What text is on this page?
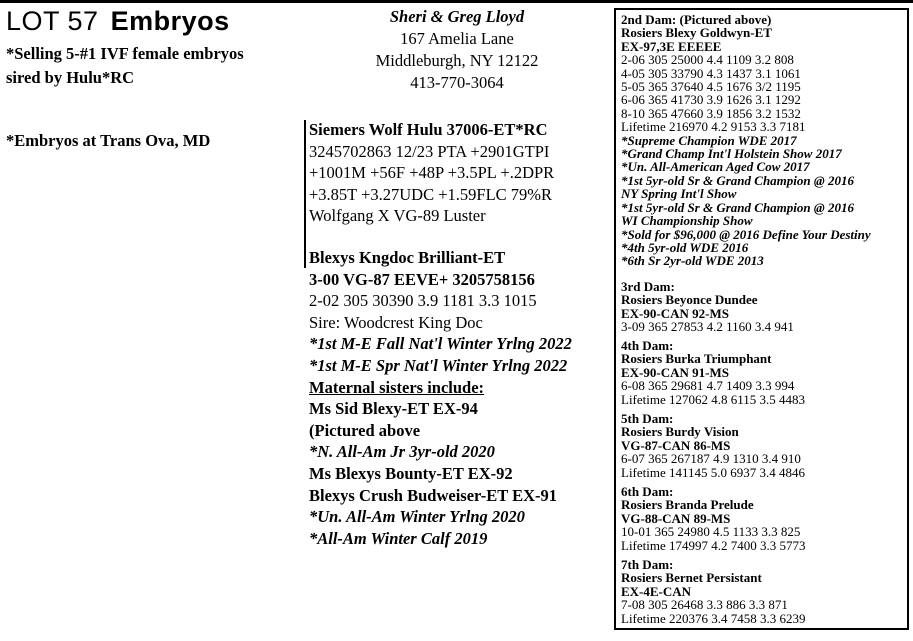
LOT 57 Embryos
*Selling 5-#1 IVF female embryos
sired by Hulu*RC
*Embryos at Trans Ova, MD
Sheri & Greg Lloyd
167 Amelia Lane
Middleburgh, NY 12122
413-770-3064
Siemers Wolf Hulu 37006-ET*RC
3245702863 12/23 PTA +2901GTPI
+1001M +56F +48P +3.5PL +.2DPR
+3.85T +3.27UDC +1.59FLC 79%R
Wolfgang X VG-89 Luster
Blexys Kngdoc Brilliant-ET
3-00 VG-87 EEVE+ 3205758156
2-02 305 30390 3.9 1181 3.3 1015
Sire: Woodcrest King Doc
*1st M-E Fall Nat'l Winter Yrlng 2022
*1st M-E Spr Nat'l Winter Yrlng 2022
Maternal sisters include:
Ms Sid Blexy-ET EX-94
(Pictured above
*N. All-Am Jr 3yr-old 2020
Ms Blexys Bounty-ET EX-92
Blexys Crush Budweiser-ET EX-91
*Un. All-Am Winter Yrlng 2020
*All-Am Winter Calf 2019
2nd Dam: (Pictured above)
Rosiers Blexy Goldwyn-ET
EX-97,3E EEEEE
2-06 305 25000 4.4 1109 3.2 808
4-05 305 33790 4.3 1437 3.1 1061
5-05 365 37640 4.5 1676 3/2 1195
6-06 365 41730 3.9 1626 3.1 1292
8-10 365 47660 3.9 1856 3.2 1532
Lifetime 216970 4.2 9153 3.3 7181
*Supreme Champion WDE 2017
*Grand Champ Int'l Holstein Show 2017
*Un. All-American Aged Cow 2017
*1st 5yr-old Sr & Grand Champion @ 2016
NY Spring Int'l Show
*1st 5yr-old Sr & Grand Champion @ 2016
WI Championship Show
*Sold for $96,000 @ 2016 Define Your Destiny
*4th 5yr-old WDE 2016
*6th Sr 2yr-old WDE 2013
3rd Dam:
Rosiers Beyonce Dundee
EX-90-CAN 92-MS
3-09 365 27853 4.2 1160 3.4 941
4th Dam:
Rosiers Burka Triumphant
EX-90-CAN 91-MS
6-08 365 29681 4.7 1409 3.3 994
Lifetime 127062 4.8 6115 3.5 4483
5th Dam:
Rosiers Burdy Vision
VG-87-CAN 86-MS
6-07 365 267187 4.9 1310 3.4 910
Lifetime 141145 5.0 6937 3.4 4846
6th Dam:
Rosiers Branda Prelude
VG-88-CAN 89-MS
10-01 365 24980 4.5 1133 3.3 825
Lifetime 174997 4.2 7400 3.3 5773
7th Dam:
Rosiers Bernet Persistant
EX-4E-CAN
7-08 305 26468 3.3 886 3.3 871
Lifetime 220376 3.4 7458 3.3 6239
